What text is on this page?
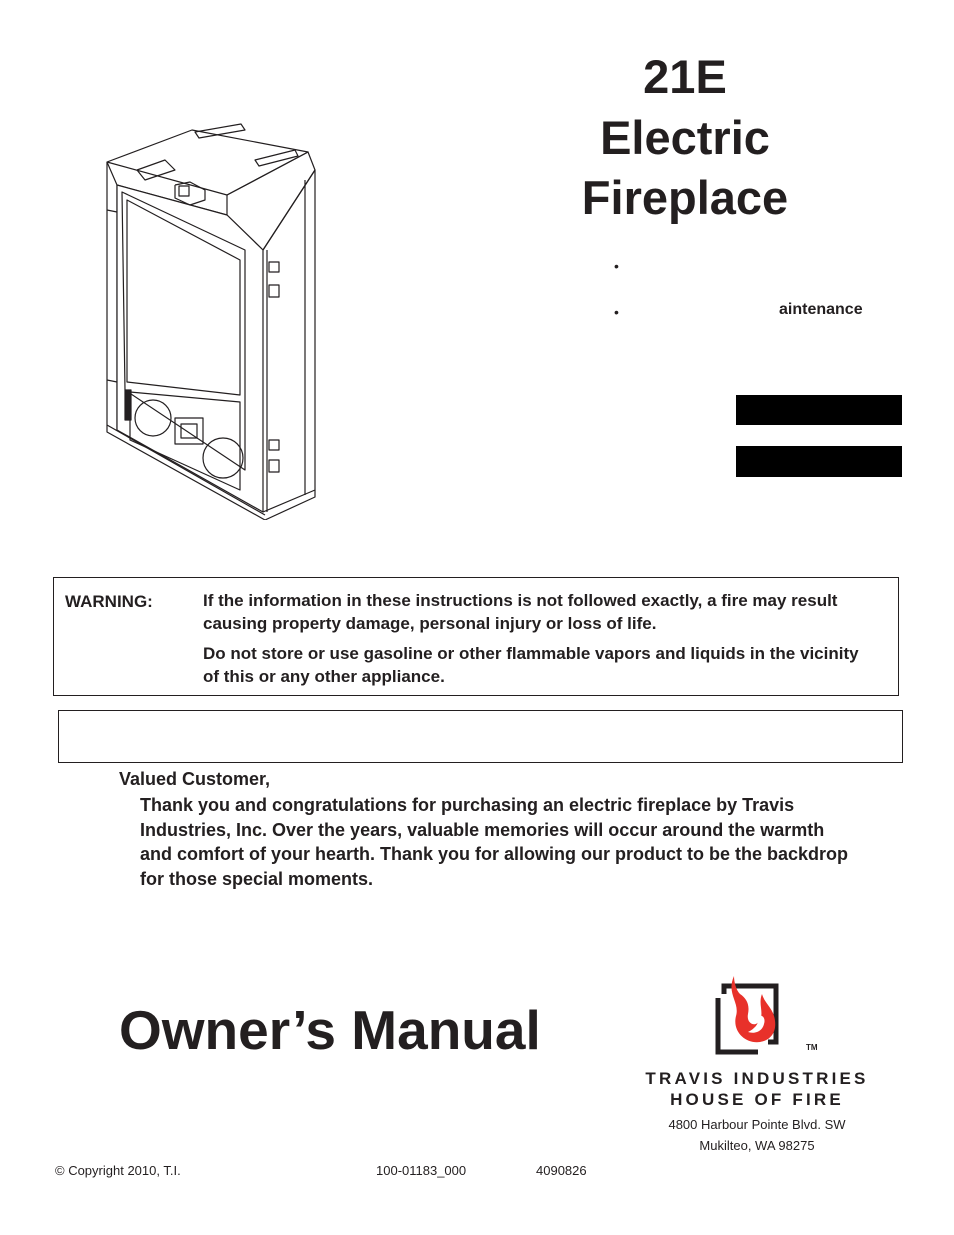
21E
Electric
Fireplace
•
•	aintenance
WARNING:	If the information in these instructions is not followed exactly, a fire may result causing property damage, personal injury or loss of life.
Do not store or use gasoline or other flammable vapors and liquids in the vicinity of this or any other appliance.
Valued Customer,
Thank you and congratulations for purchasing an electric fireplace by Travis Industries, Inc. Over the years, valuable memories will occur around the warmth and comfort of your hearth. Thank you for allowing our product to be the backdrop for those special moments.
Owner’s Manual	TM
TRAVIS INDUSTRIES
HOUSE OF FIRE
4800 Harbour Pointe Blvd. SW
Mukilteo, WA 98275
© Copyright 2010, T.I.	100-01183_000	4090826
